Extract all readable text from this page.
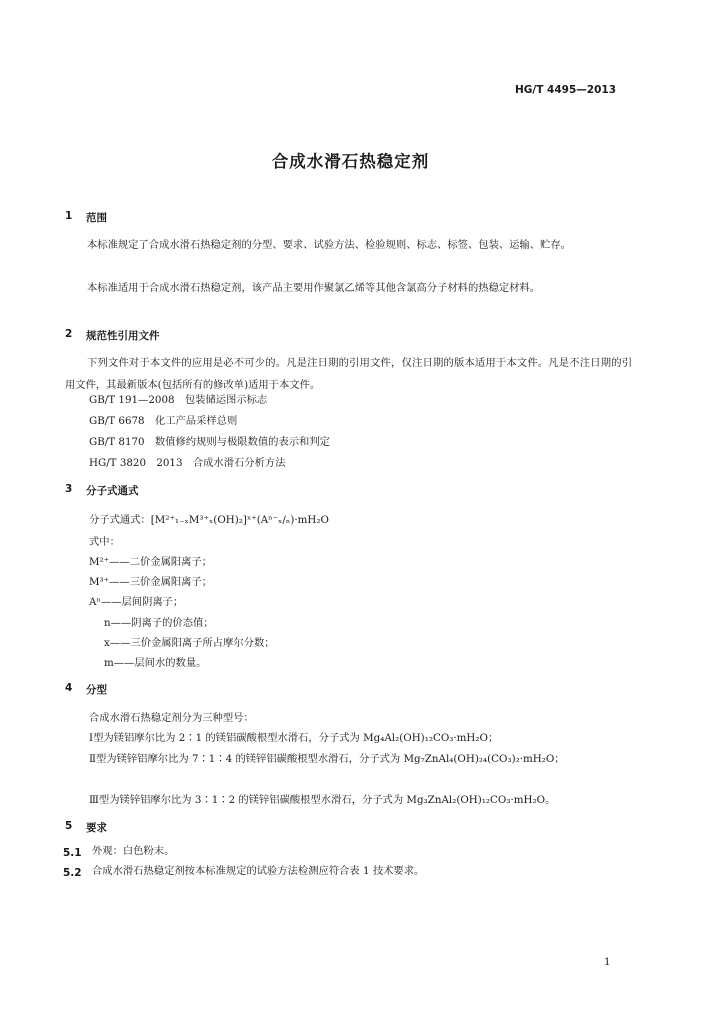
HG/T 4495—2013
合成水滑石热稳定剂
1 范围
本标准规定了合成水滑石热稳定剂的分型、要求、试验方法、检验规则、标志、标签、包装、运输、贮存。
本标准适用于合成水滑石热稳定剂，该产品主要用作聚氯乙烯等其他含氯高分子材料的热稳定材料。
2 规范性引用文件
下列文件对于本文件的应用是必不可少的。凡是注日期的引用文件，仅注日期的版本适用于本文件。凡是不注日期的引用文件，其最新版本(包括所有的修改单)适用于本文件。
GB/T 191—2008　包装储运图示标志
GB/T 6678　化工产品采样总则
GB/T 8170　数值修约规则与极限数值的表示和判定
HG/T 3820　2013　合成水滑石分析方法
3 分子式通式
分子式通式：[M²⁺₁₋ₓM³⁺ₓ(OH)₂]ˣ⁺(Aⁿ⁻ₓ/ₙ)·mH₂O
式中：
M²⁺——二价金属阳离子；
M³⁺——三价金属阳离子；
Aⁿ——层间阴离子；
n——阴离子的价态值；
x——三价金属阳离子所占摩尔分数；
m——层间水的数量。
4 分型
合成水滑石热稳定剂分为三种型号：
Ⅰ型为镁铝摩尔比为 2∶1 的镁铝碳酸根型水滑石，分子式为 Mg₄Al₂(OH)₁₂CO₃·mH₂O；
Ⅱ型为镁锌铝摩尔比为 7∶1∶4 的镁锌铝碳酸根型水滑石，分子式为 Mg₇ZnAl₄(OH)₂₄(CO₃)₂·mH₂O；
Ⅲ型为镁锌铝摩尔比为 3∶1∶2 的镁锌铝碳酸根型水滑石，分子式为 Mg₃ZnAl₂(OH)₁₂CO₃·mH₂O。
5 要求
5.1 外观：白色粉末。
5.2 合成水滑石热稳定剂按本标准规定的试验方法检测应符合表 1 技术要求。
1
